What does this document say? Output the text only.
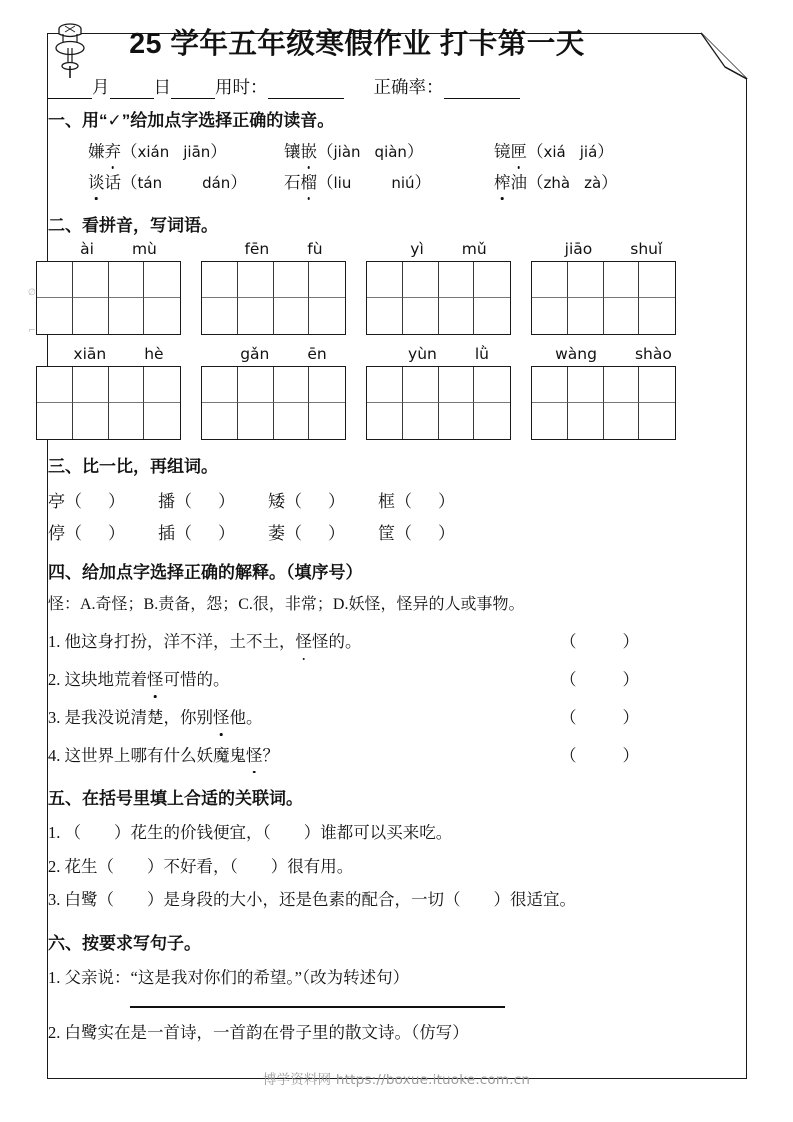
∅
⌐
25 学年五年级寒假作业 打卡第一天
月	日	用时：	正确率：
一、用“✓”给加点字选择正确的读音。
嫌弃（xián jiān）	镶嵌（jiàn qiàn）	镜匣（xiá jiá）
谈话（tán	dán）	石榴（liu	niú）	榨油（zhà zà）
二、看拼音，写词语。
ài mù	fēn fù	yì mǔ	jiāo shuǐ
xiān hè	gǎn ēn	yùn lǜ	wàng shào
三、比一比，再组词。
亭（ ）	播（ ）	矮（ ）	框（ ）
停（ ）	插（ ）	萎（ ）	筐（ ）
四、给加点字选择正确的解释。（填序号）
怪：A.奇怪；B.责备，怨；C.很，非常；D.妖怪，怪异的人或事物。
1. 他这身打扮，洋不洋，土不土，怪怪的。	（	）
2. 这块地荒着怪可惜的。	（	）
3. 是我没说清楚，你别怪他。	（	）
4. 这世界上哪有什么妖魔鬼怪？	（	）
五、在括号里填上合适的关联词。
1. （　　）花生的价钱便宜，（　　）谁都可以买来吃。
2. 花生（　　）不好看，（　　）很有用。
3. 白鹭（　　）是身段的大小，还是色素的配合，一切（　　）很适宜。
六、按要求写句子。
1. 父亲说：“这是我对你们的希望。”（改为转述句）
2. 白鹭实在是一首诗，一首韵在骨子里的散文诗。（仿写）
博学资料网 https://boxue.ituoke.com.cn
